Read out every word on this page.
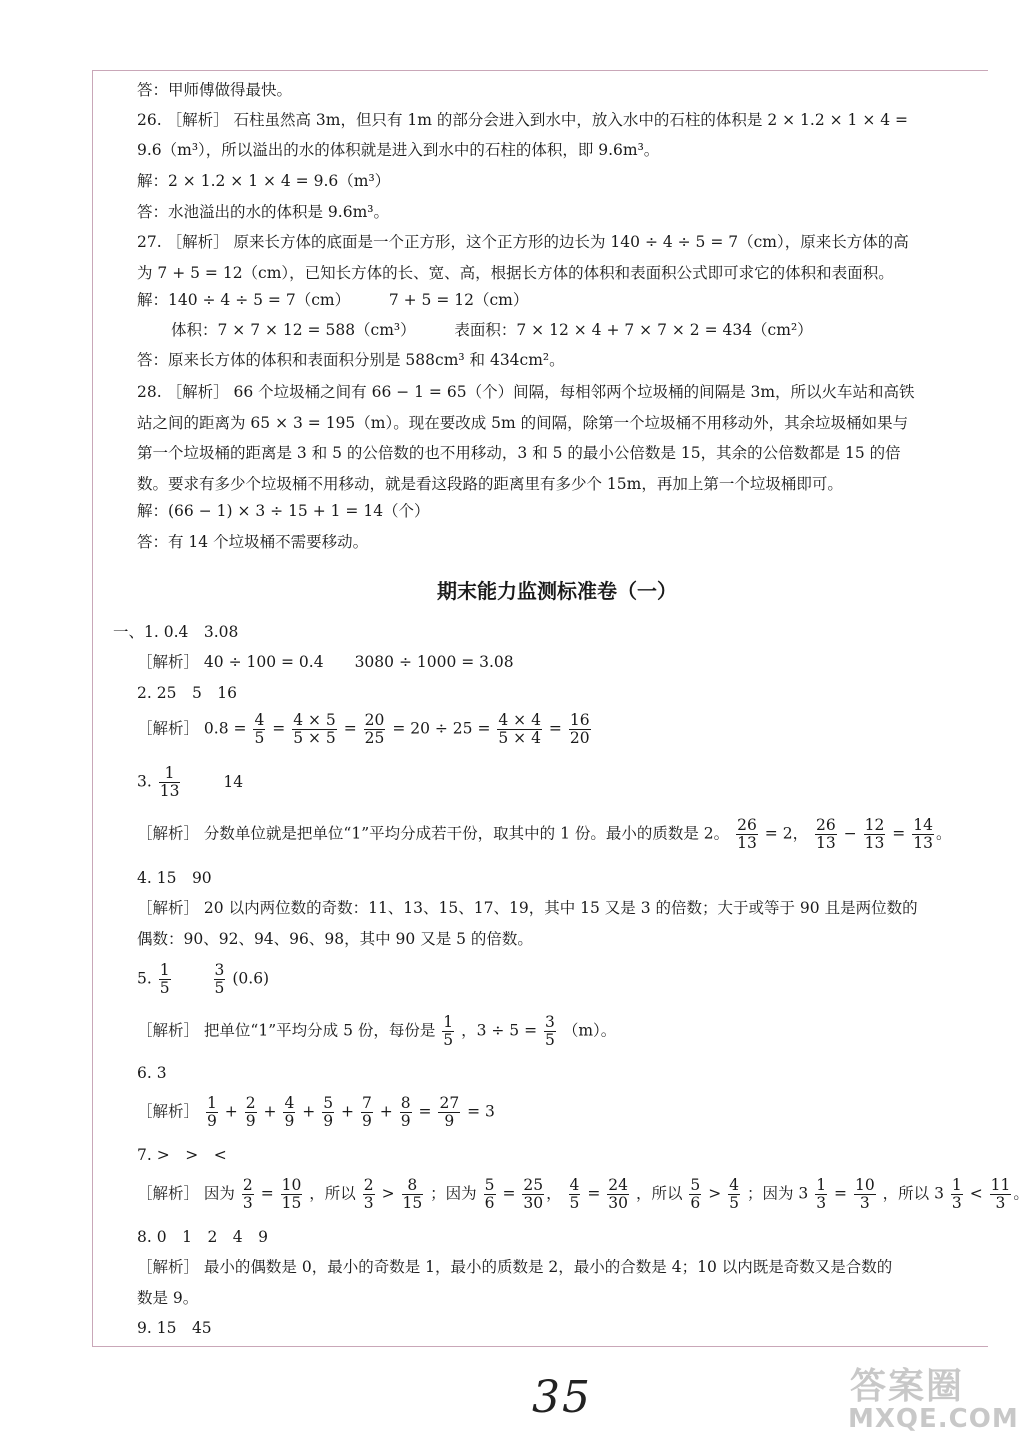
答：甲师傅做得最快。
26. ［解析］ 石柱虽然高 3m，但只有 1m 的部分会进入到水中，放入水中的石柱的体积是 2 × 1.2 × 1 × 4 =
9.6（m³），所以溢出的水的体积就是进入到水中的石柱的体积，即 9.6m³。
解：2 × 1.2 × 1 × 4 = 9.6（m³）
答：水池溢出的水的体积是 9.6m³。
27. ［解析］ 原来长方体的底面是一个正方形，这个正方形的边长为 140 ÷ 4 ÷ 5 = 7（cm），原来长方体的高
为 7 + 5 = 12（cm），已知长方体的长、宽、高，根据长方体的体积和表面积公式即可求它的体积和表面积。
解：140 ÷ 4 ÷ 5 = 7（cm）　　　7 + 5 = 12（cm）
体积：7 × 7 × 12 = 588（cm³）　　　表面积：7 × 12 × 4 + 7 × 7 × 2 = 434（cm²）
答：原来长方体的体积和表面积分别是 588cm³ 和 434cm²。
28. ［解析］ 66 个垃圾桶之间有 66 − 1 = 65（个）间隔，每相邻两个垃圾桶的间隔是 3m，所以火车站和高铁
站之间的距离为 65 × 3 = 195（m）。现在要改成 5m 的间隔，除第一个垃圾桶不用移动外，其余垃圾桶如果与
第一个垃圾桶的距离是 3 和 5 的公倍数的也不用移动，3 和 5 的最小公倍数是 15，其余的公倍数都是 15 的倍
数。要求有多少个垃圾桶不用移动，就是看这段路的距离里有多少个 15m，再加上第一个垃圾桶即可。
解：(66 − 1) × 3 ÷ 15 + 1 = 14（个）
答：有 14 个垃圾桶不需要移动。
期末能力监测标准卷（一）
一、1. 0.4　3.08
［解析］ 40 ÷ 100 = 0.4　　3080 ÷ 1000 = 3.08
2. 25　5　16
［解析］ $0.8 = \frac{4}{5} = \frac{4 \times 5}{5 \times 5} = \frac{20}{25} = 20 \div 25 = \frac{4 \times 4}{5 \times 4} = \frac{16}{20}$
3. $\frac{1}{13}$	14
［解析］ 分数单位就是把单位“1”平均分成若干份，取其中的 1 份。最小的质数是 2。 $\frac{26}{13} = 2$， $\frac{26}{13} - \frac{12}{13} = \frac{14}{13}$ 。
4. 15　90
［解析］ 20 以内两位数的奇数：11、13、15、17、19，其中 15 又是 3 的倍数；大于或等于 90 且是两位数的
偶数：90、92、94、96、98，其中 90 又是 5 的倍数。
5. $\frac{1}{5}$
	$\frac{3}{5} (0.6)$
［解析］ 把单位“1”平均分成 5 份，每份是 $\frac{1}{5}$ ，$3 \div 5 = \frac{3}{5} (m)$。
6. 3
［解析］ $\frac{1}{9} + \frac{2}{9} + \frac{4}{9} + \frac{5}{9} + \frac{7}{9} + \frac{8}{9} = \frac{27}{9} = 3$
7. >　>　<
［解析］ 因为 $\frac{2}{3} = \frac{10}{15}$ ，所以 $\frac{2}{3} > \frac{8}{15}$ ；因为 $\frac{5}{6} = \frac{25}{30}$ ， $\frac{4}{5} = \frac{24}{30}$ ，所以 $\frac{5}{6} > \frac{4}{5}$ ；因为 $3 \frac{1}{3} = \frac{10}{3}$ ，所以 $3 \frac{1}{3} < \frac{11}{3}$ 。
8. 0　1　2　4　9
［解析］ 最小的偶数是 0，最小的奇数是 1，最小的质数是 2，最小的合数是 4；10 以内既是奇数又是合数的
数是 9。
9. 15　45
35	答案圈
MXQE.COM
